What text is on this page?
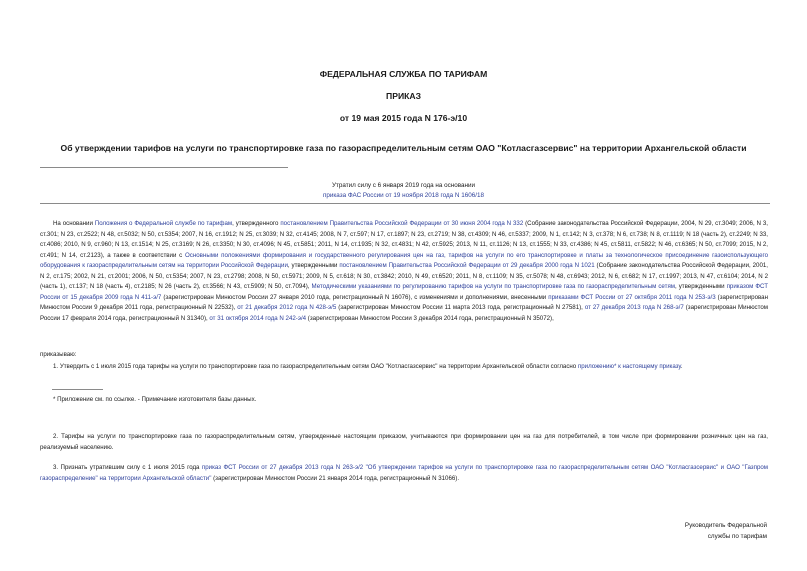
ФЕДЕРАЛЬНАЯ СЛУЖБА ПО ТАРИФАМ
ПРИКАЗ
от 19 мая 2015 года N 176-э/10
Об утверждении тарифов на услуги по транспортировке газа по газораспределительным сетям ОАО "Котласгазсервис" на территории Архангельской области
Утратил силу с 6 января 2019 года на основании
приказа ФАС России от 19 ноября 2018 года N 1606/18
На основании Положения о Федеральной службе по тарифам, утвержденного постановлением Правительства Российской Федерации от 30 июня 2004 года N 332 (Собрание законодательства Российской Федерации, 2004, N 29, ст.3049; 2006, N 3, ст.301; N 23, ст.2522; N 48, ст.5032; N 50, ст.5354; 2007, N 16, ст.1912; N 25, ст.3039; N 32, ст.4145; 2008, N 7, ст.597; N 17, ст.1897; N 23, ст.2719; N 38, ст.4309; N 46, ст.5337; 2009, N 1, ст.142; N 3, ст.378; N 6, ст.738; N 8, ст.1119; N 18 (часть 2), ст.2249; N 33, ст.4086; 2010, N 9, ст.960; N 13, ст.1514; N 25, ст.3169; N 26, ст.3350; N 30, ст.4096; N 45, ст.5851; 2011, N 14, ст.1935; N 32, ст.4831; N 42, ст.5925; 2013, N 11, ст.1126; N 13, ст.1555; N 33, ст.4386; N 45, ст.5811, ст.5822; N 46, ст.6365; N 50, ст.7099; 2015, N 2, ст.491; N 14, ст.2123), а также в соответствии с Основными положениями формирования и государственного регулирования цен на газ, тарифов на услуги по его транспортировке и платы за технологическое присоединение газоиспользующего оборудования к газораспределительным сетям на территории Российской Федерации, утвержденными постановлением Правительства Российской Федерации от 29 декабря 2000 года N 1021 (Собрание законодательства Российской Федерации, 2001, N 2, ст.175; 2002, N 21, ст.2001; 2006, N 50, ст.5354; 2007, N 23, ст.2798; 2008, N 50, ст.5971; 2009, N 5, ст.618; N 30, ст.3842; 2010, N 49, ст.6520; 2011, N 8, ст.1109; N 35, ст.5078; N 48, ст.6943; 2012, N 6, ст.682; N 17, ст.1997; 2013, N 47, ст.6104; 2014, N 2 (часть 1), ст.137; N 18 (часть 4), ст.2185; N 26 (часть 2), ст.3566; N 43, ст.5909; N 50, ст.7094), Методическими указаниями по регулированию тарифов на услуги по транспортировке газа по газораспределительным сетям, утвержденными приказом ФСТ России от 15 декабря 2009 года N 411-э/7 (зарегистрирован Минюстом России 27 января 2010 года, регистрационный N 16076), с изменениями и дополнениями, внесенными приказами ФСТ России от 27 октября 2011 года N 253-э/3 (зарегистрирован Минюстом России 9 декабря 2011 года, регистрационный N 22532), от 21 декабря 2012 года N 428-э/5 (зарегистрирован Минюстом России 11 марта 2013 года, регистрационный N 27581), от 27 декабря 2013 года N 268-э/7 (зарегистрирован Минюстом России 17 февраля 2014 года, регистрационный N 31340), от 31 октября 2014 года N 242-э/4 (зарегистрирован Минюстом России 3 декабря 2014 года, регистрационный N 35072),
приказываю:
1. Утвердить с 1 июля 2015 года тарифы на услуги по транспортировке газа по газораспределительным сетям ОАО "Котласгазсервис" на территории Архангельской области согласно приложению* к настоящему приказу.
* Приложение см. по ссылке. - Примечание изготовителя базы данных.
2. Тарифы на услуги по транспортировке газа по газораспределительным сетям, утвержденные настоящим приказом, учитываются при формировании цен на газ для потребителей, в том числе при формировании розничных цен на газ, реализуемый населению.
3. Признать утратившим силу с 1 июля 2015 года приказ ФСТ России от 27 декабря 2013 года N 263-э/2 "Об утверждении тарифов на услуги по транспортировке газа по газораспределительным сетям ОАО "Котласгазсервис" и ОАО "Газпром газораспределение" на территории Архангельской области" (зарегистрирован Минюстом России 21 января 2014 года, регистрационный N 31066).
Руководитель Федеральной
службы по тарифам
